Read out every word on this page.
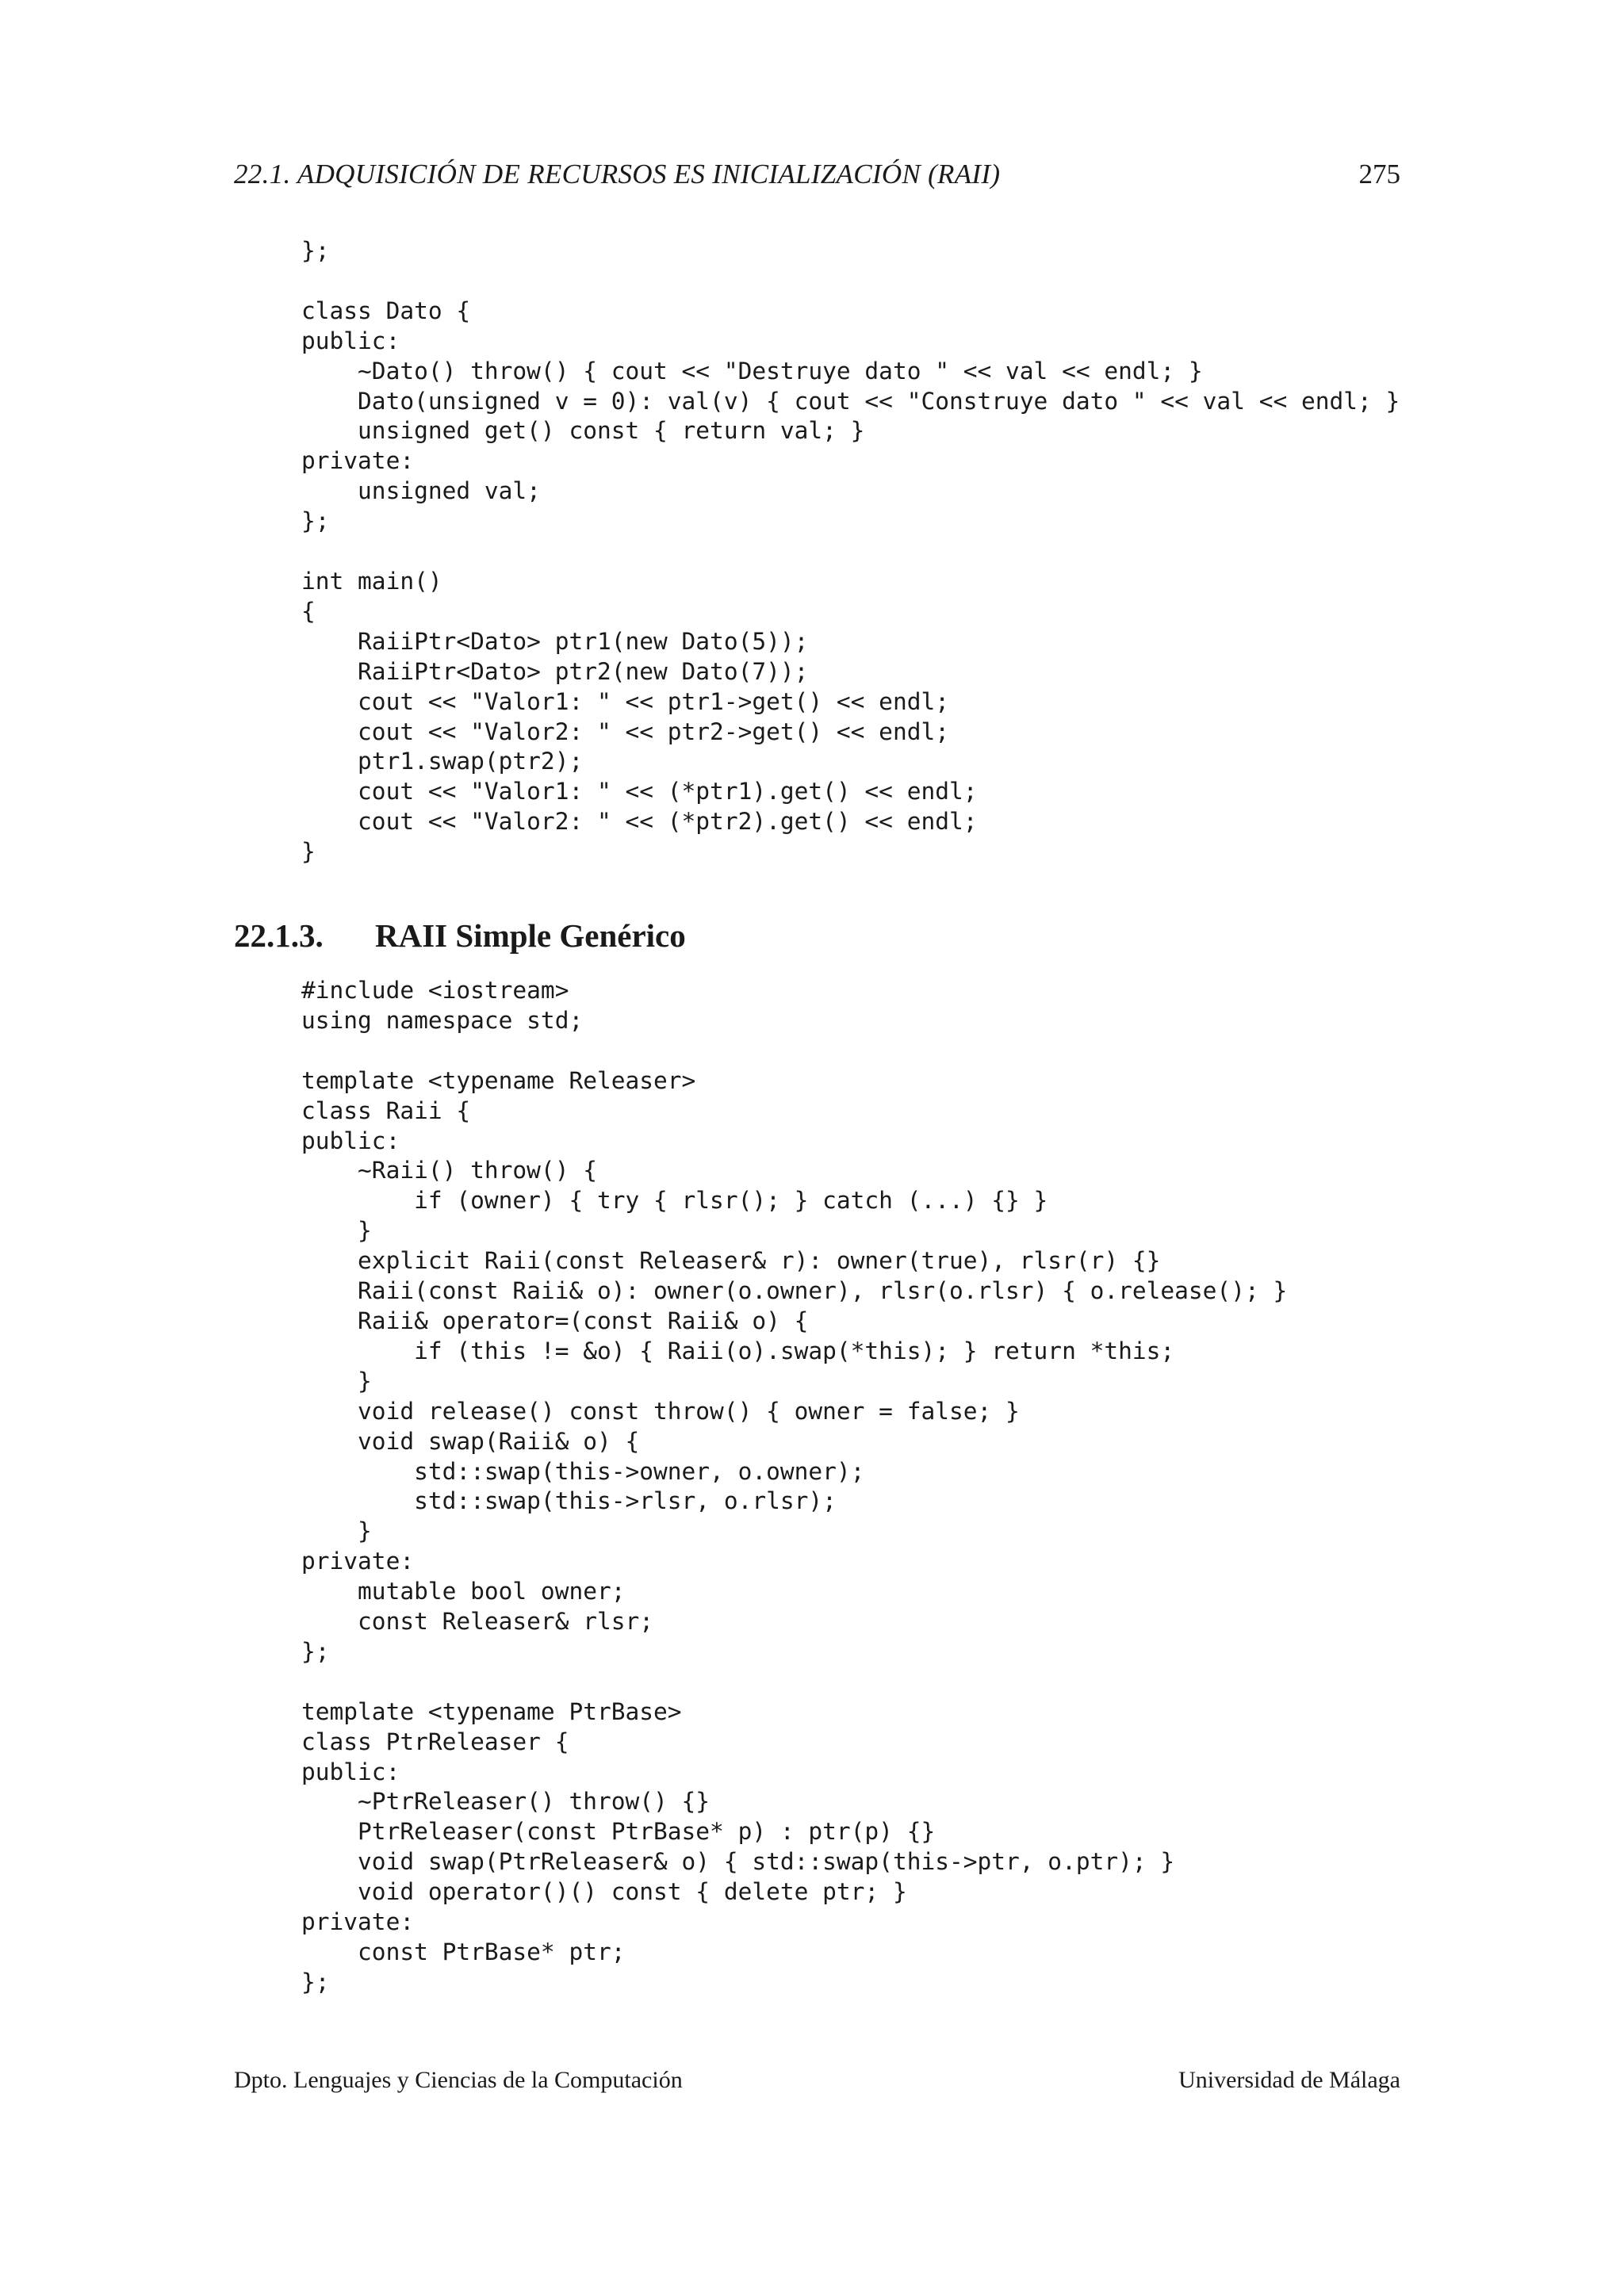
22.1. ADQUISICIÓN DE RECURSOS ES INICIALIZACIÓN (RAII)	275
};

class Dato {
public:
~Dato() throw() { cout << "Destruye dato " << val << endl; }
Dato(unsigned v = 0): val(v) { cout << "Construye dato " << val << endl; }
unsigned get() const { return val; }
private:
unsigned val;
};

int main()
{
RaiiPtr<Dato> ptr1(new Dato(5));
RaiiPtr<Dato> ptr2(new Dato(7));
cout << "Valor1: " << ptr1->get() << endl;
cout << "Valor2: " << ptr2->get() << endl;
ptr1.swap(ptr2);
cout << "Valor1: " << (*ptr1).get() << endl;
cout << "Valor2: " << (*ptr2).get() << endl;
}
22.1.3. RAII Simple Genérico
#include <iostream>
using namespace std;

template <typename Releaser>
class Raii {
public:
~Raii() throw() {
if (owner) { try { rlsr(); } catch (...) {} }
}
explicit Raii(const Releaser& r): owner(true), rlsr(r) {}
Raii(const Raii& o): owner(o.owner), rlsr(o.rlsr) { o.release(); }
Raii& operator=(const Raii& o) {
if (this != &o) { Raii(o).swap(*this); } return *this;
}
void release() const throw() { owner = false; }
void swap(Raii& o) {
std::swap(this->owner, o.owner);
std::swap(this->rlsr, o.rlsr);
}
private:
mutable bool owner;
const Releaser& rlsr;
};

template <typename PtrBase>
class PtrReleaser {
public:
~PtrReleaser() throw() {}
PtrReleaser(const PtrBase* p) : ptr(p) {}
void swap(PtrReleaser& o) { std::swap(this->ptr, o.ptr); }
void operator()() const { delete ptr; }
private:
const PtrBase* ptr;
};
Dpto. Lenguajes y Ciencias de la Computación	Universidad de Málaga
